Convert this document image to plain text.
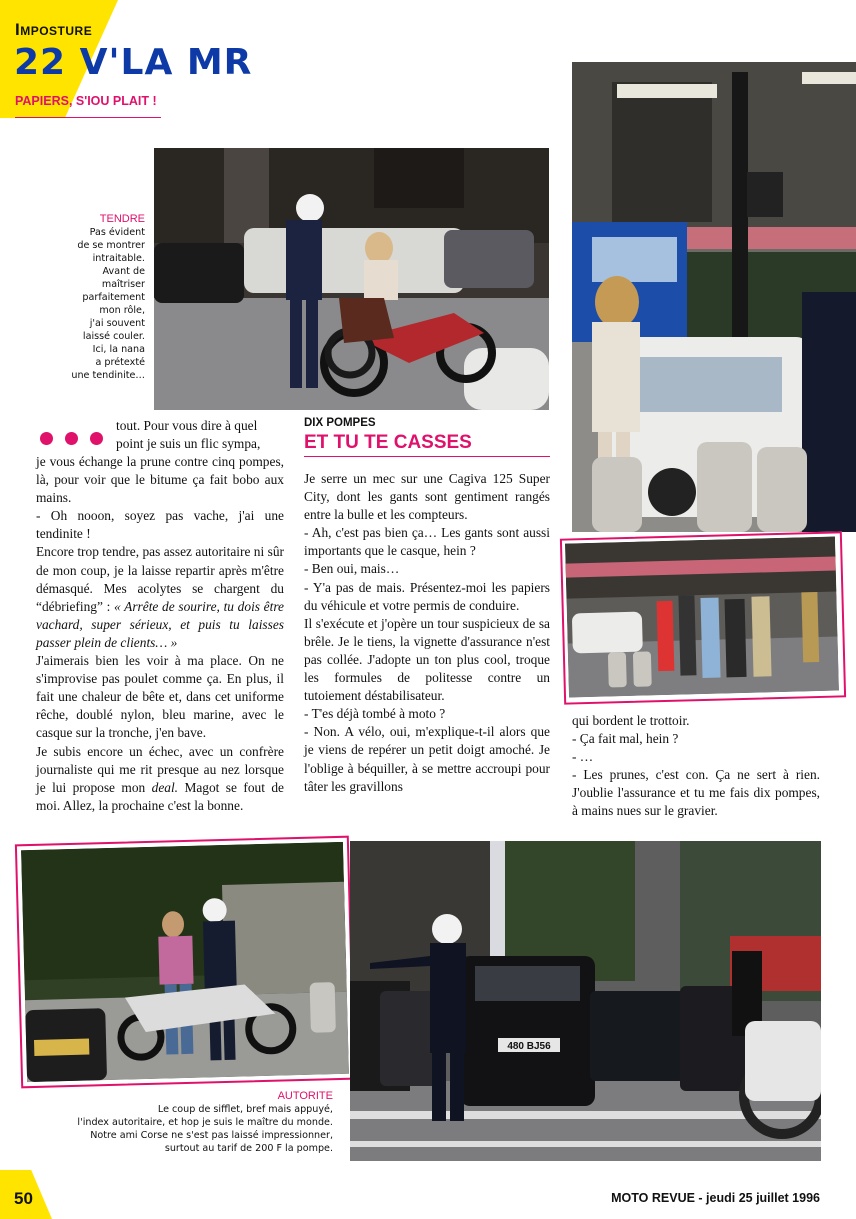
Imposture
22 V'LA MR
PAPIERS, S'IOU PLAIT !
TENDRE
Pas évident
de se montrer
intraitable.
Avant de
maîtriser
parfaitement
mon rôle,
j'ai souvent
laissé couler.
Ici, la nana
a prétexté
une tendinite…

tout. Pour vous dire à quel

point je suis un flic sympa,

je vous échange la prune contre cinq pompes, là, pour voir que le bitume ça fait bobo aux mains.

- Oh nooon, soyez pas vache, j'ai une tendinite !

Encore trop tendre, pas assez autoritaire ni sûr de mon coup, je la laisse repartir après m'être démasqué. Mes acolytes se chargent du “débriefing” : « Arrête de sourire, tu dois être vachard, super sérieux, et puis tu laisses passer plein de clients… »

J'aimerais bien les voir à ma place. On ne s'improvise pas poulet comme ça. En plus, il fait une chaleur de bête et, dans cet uniforme rêche, doublé nylon, bleu marine, avec le casque sur la tronche, j'en bave.

Je subis encore un échec, avec un confrère journaliste qui me rit presque au nez lorsque je lui propose mon deal. Magot se fout de moi. Allez, la prochaine c'est la bonne.

DIX POMPES
ET TU TE CASSES

Je serre un mec sur une Cagiva 125 Super City, dont les gants sont gentiment rangés entre la bulle et les compteurs.

- Ah, c'est pas bien ça… Les gants sont aussi importants que le casque, hein ?

- Ben oui, mais…

- Y'a pas de mais. Présentez-moi les papiers du véhicule et votre permis de conduire.

Il s'exécute et j'opère un tour suspicieux de sa brêle. Je le tiens, la vignette d'assurance n'est pas collée. J'adopte un ton plus cool, troque les formules de politesse contre un tutoiement déstabilisateur.

- T'es déjà tombé à moto ?

- Non. A vélo, oui, m'explique-t-il alors que je viens de repérer un petit doigt amoché. Je l'oblige à béquiller, à se mettre accroupi pour tâter les gravillons

qui bordent le trottoir.

- Ça fait mal, hein ?

- …

- Les prunes, c'est con. Ça ne sert à rien. J'oublie l'assurance et tu me fais dix pompes, à mains nues sur le gravier.

480 BJ56
AUTORITE
Le coup de sifflet, bref mais appuyé,
l'index autoritaire, et hop je suis le maître du monde.
Notre ami Corse ne s'est pas laissé impressionner,
surtout au tarif de 200 F la pompe.
50	MOTO REVUE - jeudi 25 juillet 1996
